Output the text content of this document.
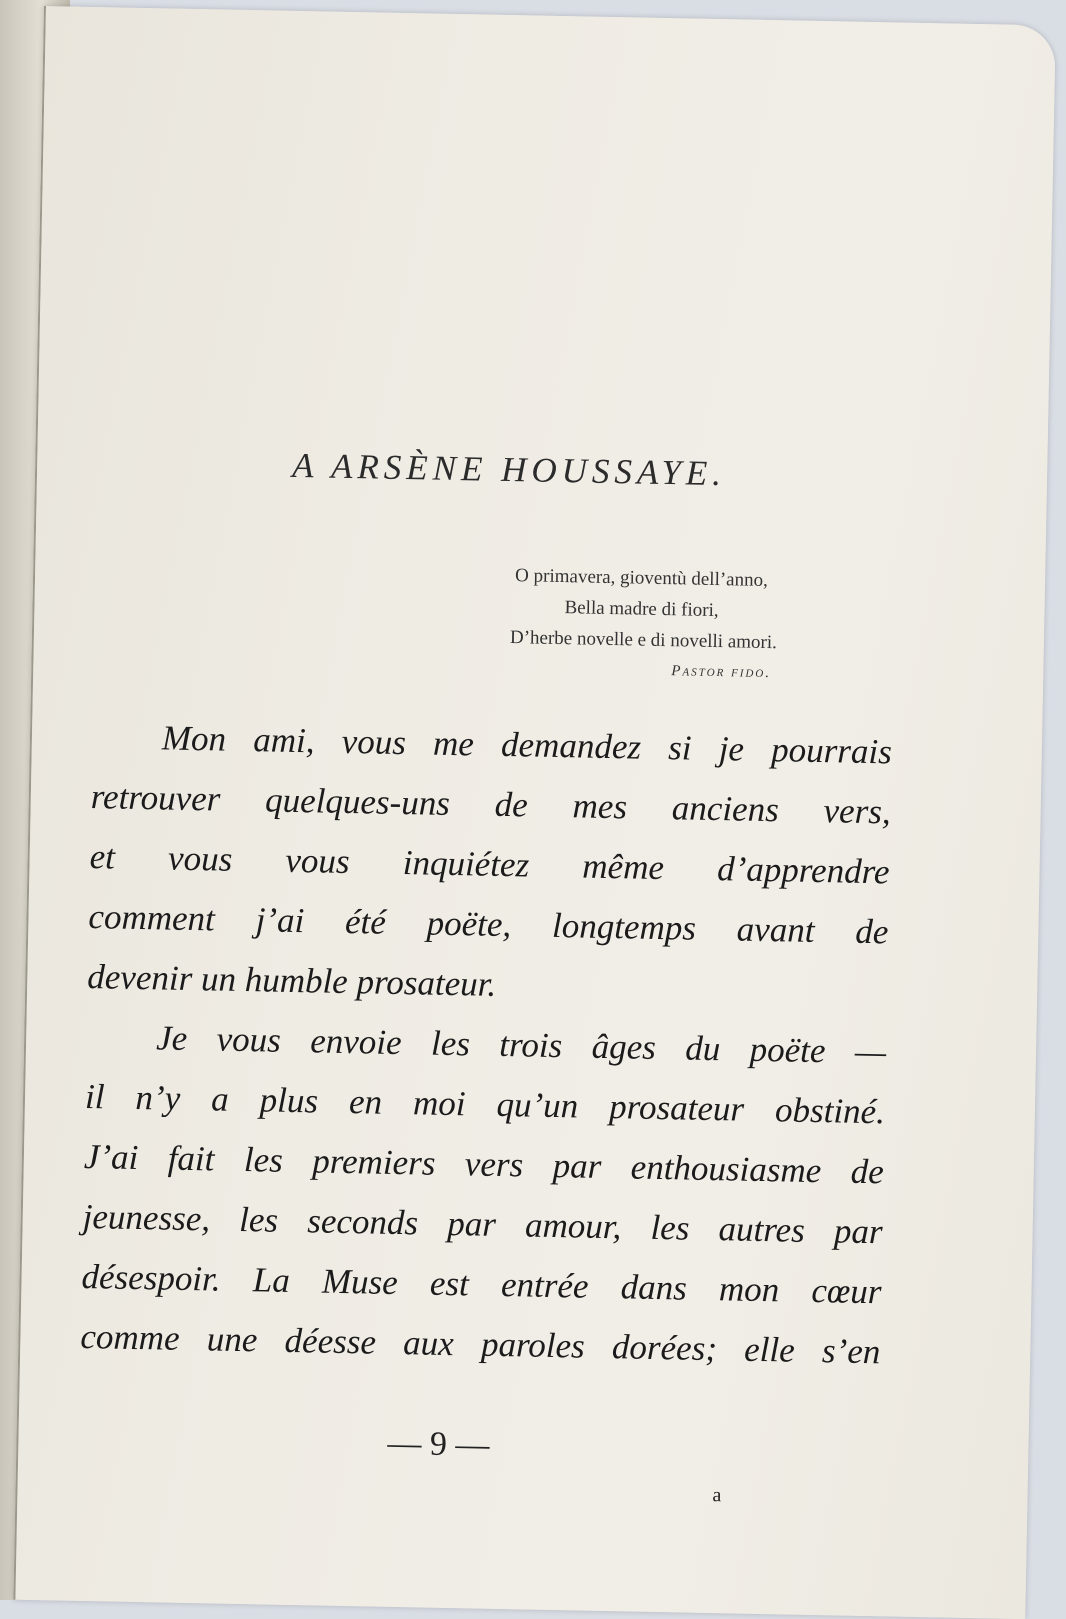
A ARSÈNE HOUSSAYE.
O primavera, gioventù dell’anno,
Bella madre di fiori,
D’herbe novelle e di novelli amori.
Pastor fido.
Mon ami, vous me demandez si je pourrais
retrouver quelques-uns de mes anciens vers,
et vous vous inquiétez même d’apprendre
comment j’ai été poëte, longtemps avant de
devenir un humble prosateur.
Je vous envoie les trois âges du poëte —
il n’y a plus en moi qu’un prosateur obstiné.
J’ai fait les premiers vers par enthousiasme de
jeunesse, les seconds par amour, les autres par
désespoir. La Muse est entrée dans mon cœur
comme une déesse aux paroles dorées; elle s’en
— 9 —
a
